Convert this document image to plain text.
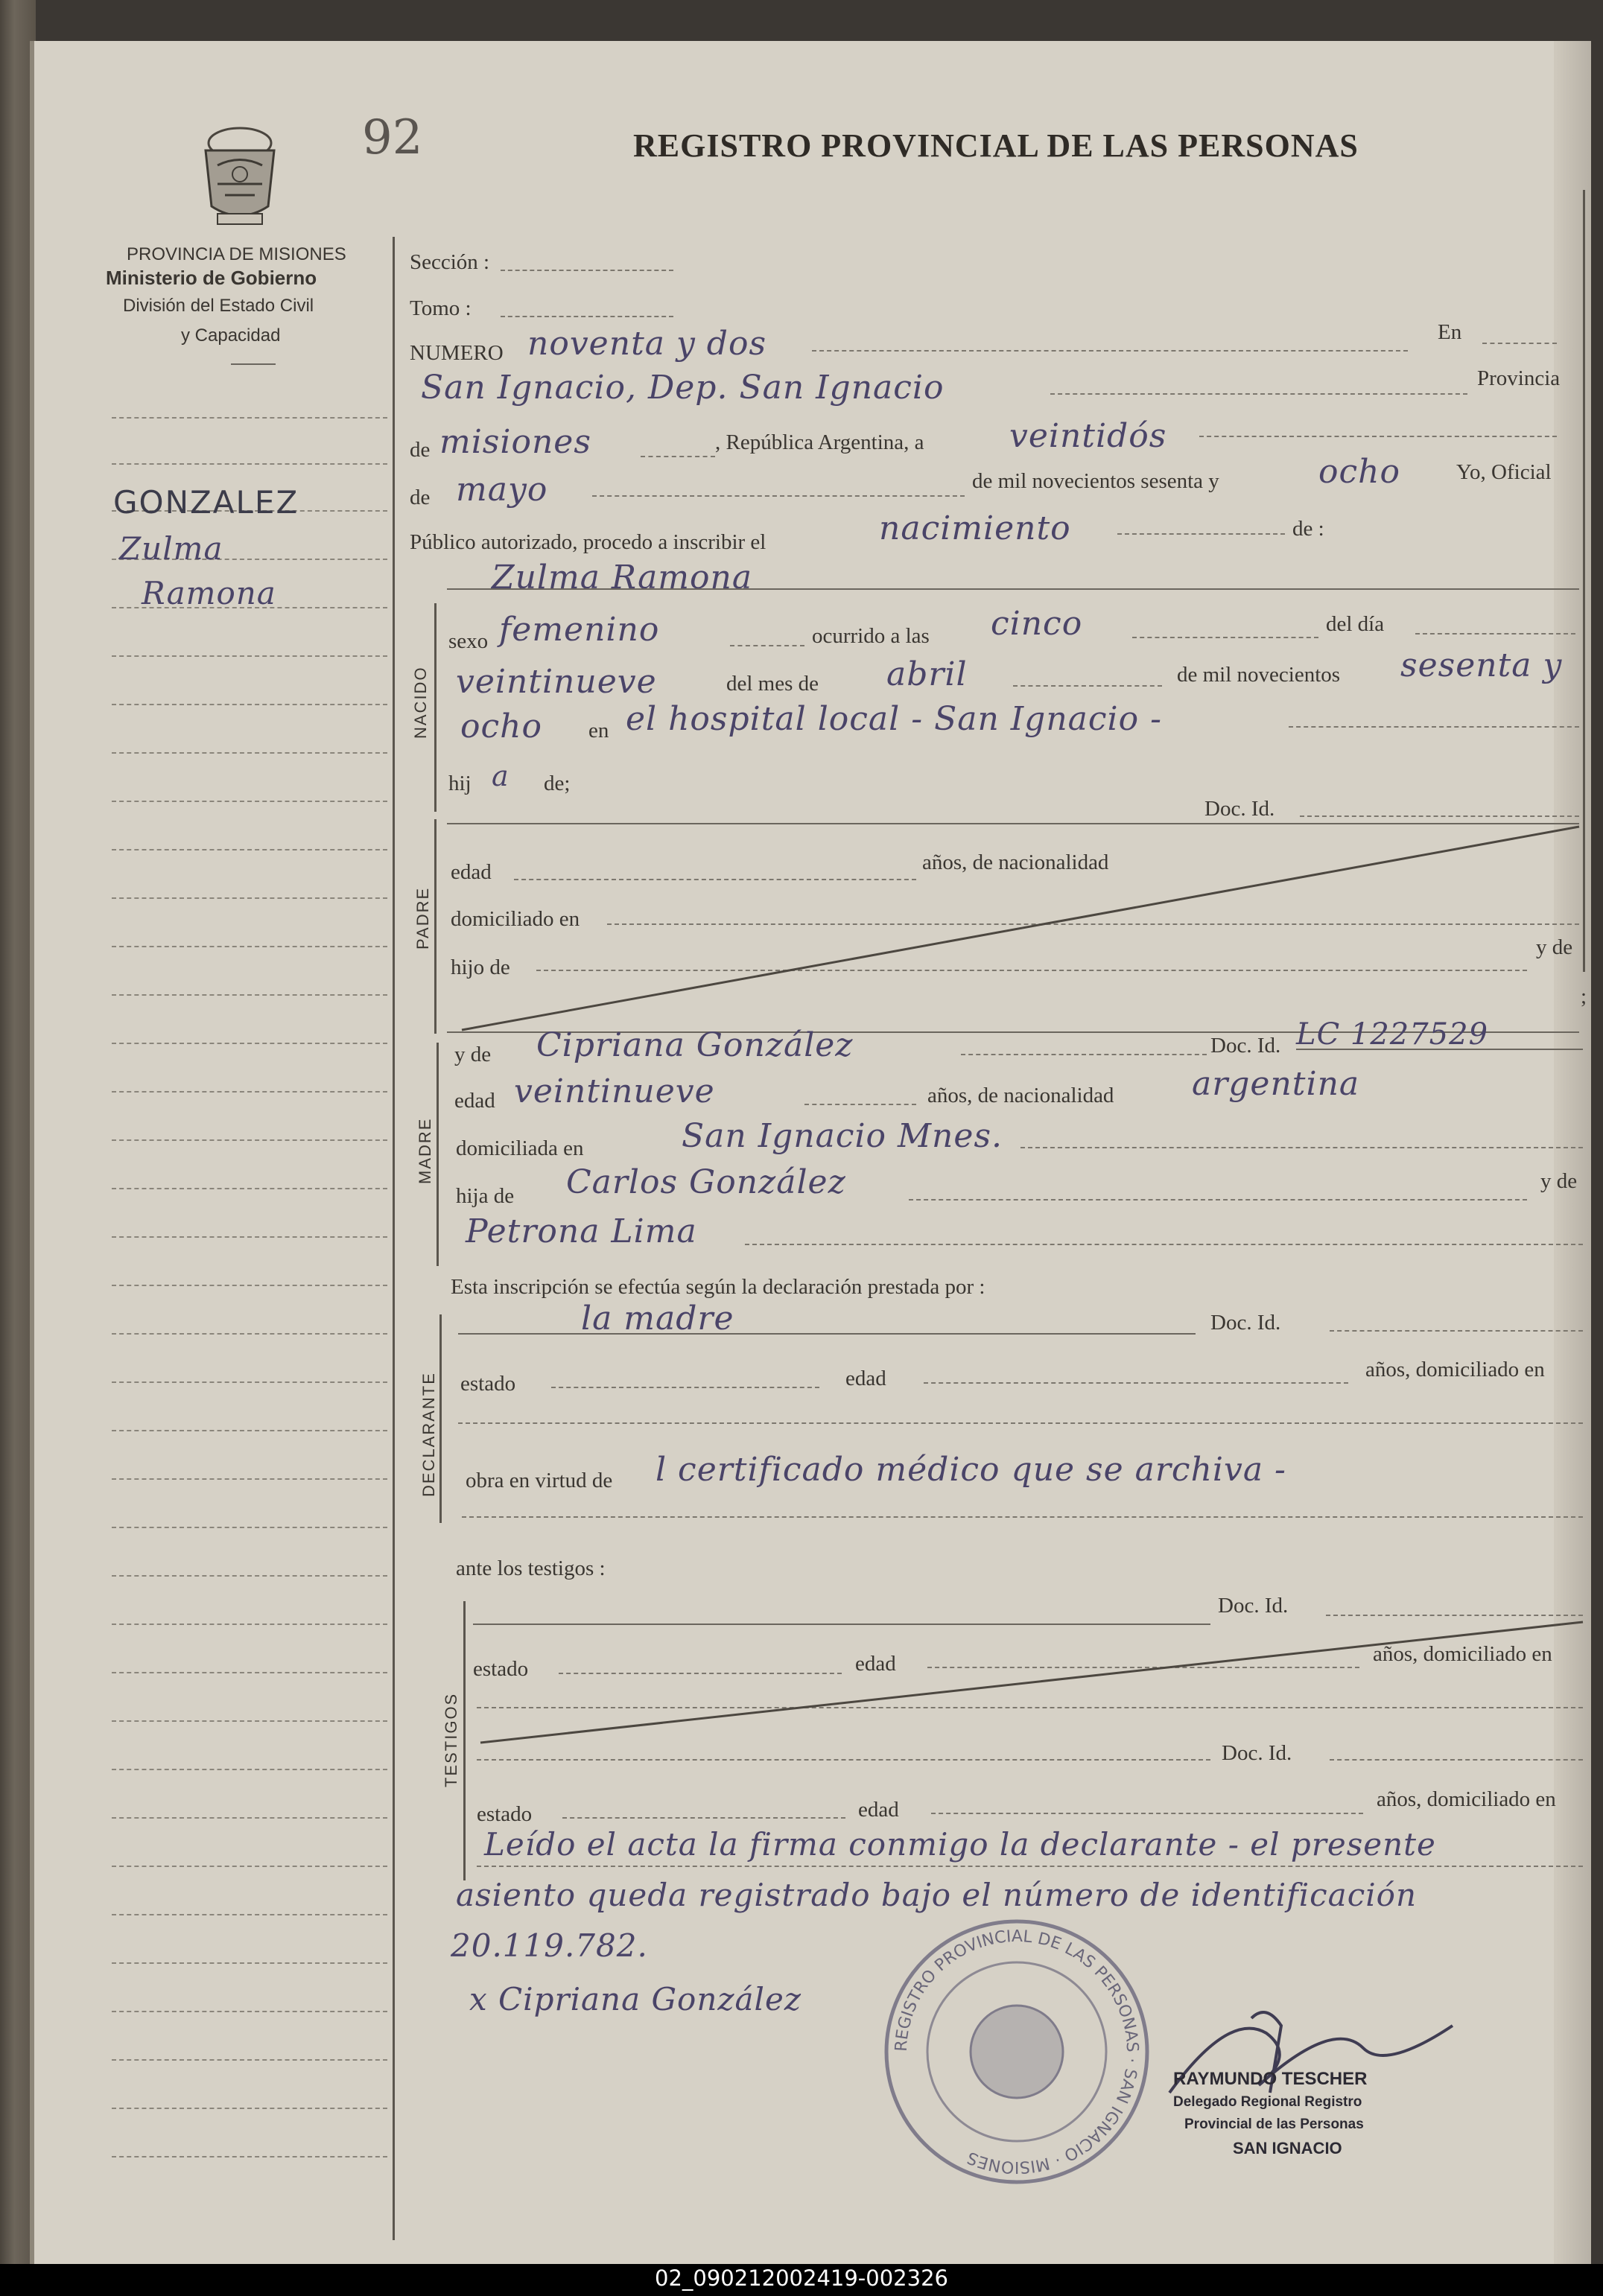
92	REGISTRO PROVINCIAL DE LAS PERSONAS
PROVINCIA DE MISIONES
Ministerio de Gobierno
División del Estado Civil
y Capacidad
GONZALEZ
Zulma
Ramona
Sección :
Tomo :
NUMERO noventa y dos	En
San Ignacio, Dep. San Ignacio	Provincia
de misiones	, República Argentina, a	veintidós
de mayo	de mil novecientos sesenta y	ocho	Yo, Oficial
Público autorizado, procedo a inscribir el	nacimiento	de :
NACIDO
Zulma Ramona
sexo femenino	ocurrido a las cinco	del día
veintinueve	del mes de abril	de mil novecientos sesenta y
ocho en el hospital local - San Ignacio -
hij a de;
Doc. Id.
PADRE
edad	años, de nacionalidad
domiciliado en
hijo de
y de
;
MADRE
y de Cipriana González	Doc. Id. LC 1227529
edad veintinueve	años, de nacionalidad argentina
domiciliada en	San Ignacio Mnes.
hija de Carlos González	y de
Petrona Lima
Esta inscripción se efectúa según la declaración prestada por :
DECLARANTE
la madre	Doc. Id.
estado	edad	años, domiciliado en
obra en virtud de l certificado médico que se archiva -
ante los testigos :
TESTIGOS
Doc. Id.
estado	edad	años, domiciliado en
Doc. Id.
estado	edad	años, domiciliado en
Leído el acta la firma conmigo la declarante - el presente
asiento queda registrado bajo el número de identificación
20.119.782.
x Cipriana González
REGISTRO PROVINCIAL DE LAS PERSONAS · SAN IGNACIO · MISIONES
RAYMUNDO TESCHER
Delegado Regional Registro
Provincial de las Personas
SAN IGNACIO
02_090212002419-002326
